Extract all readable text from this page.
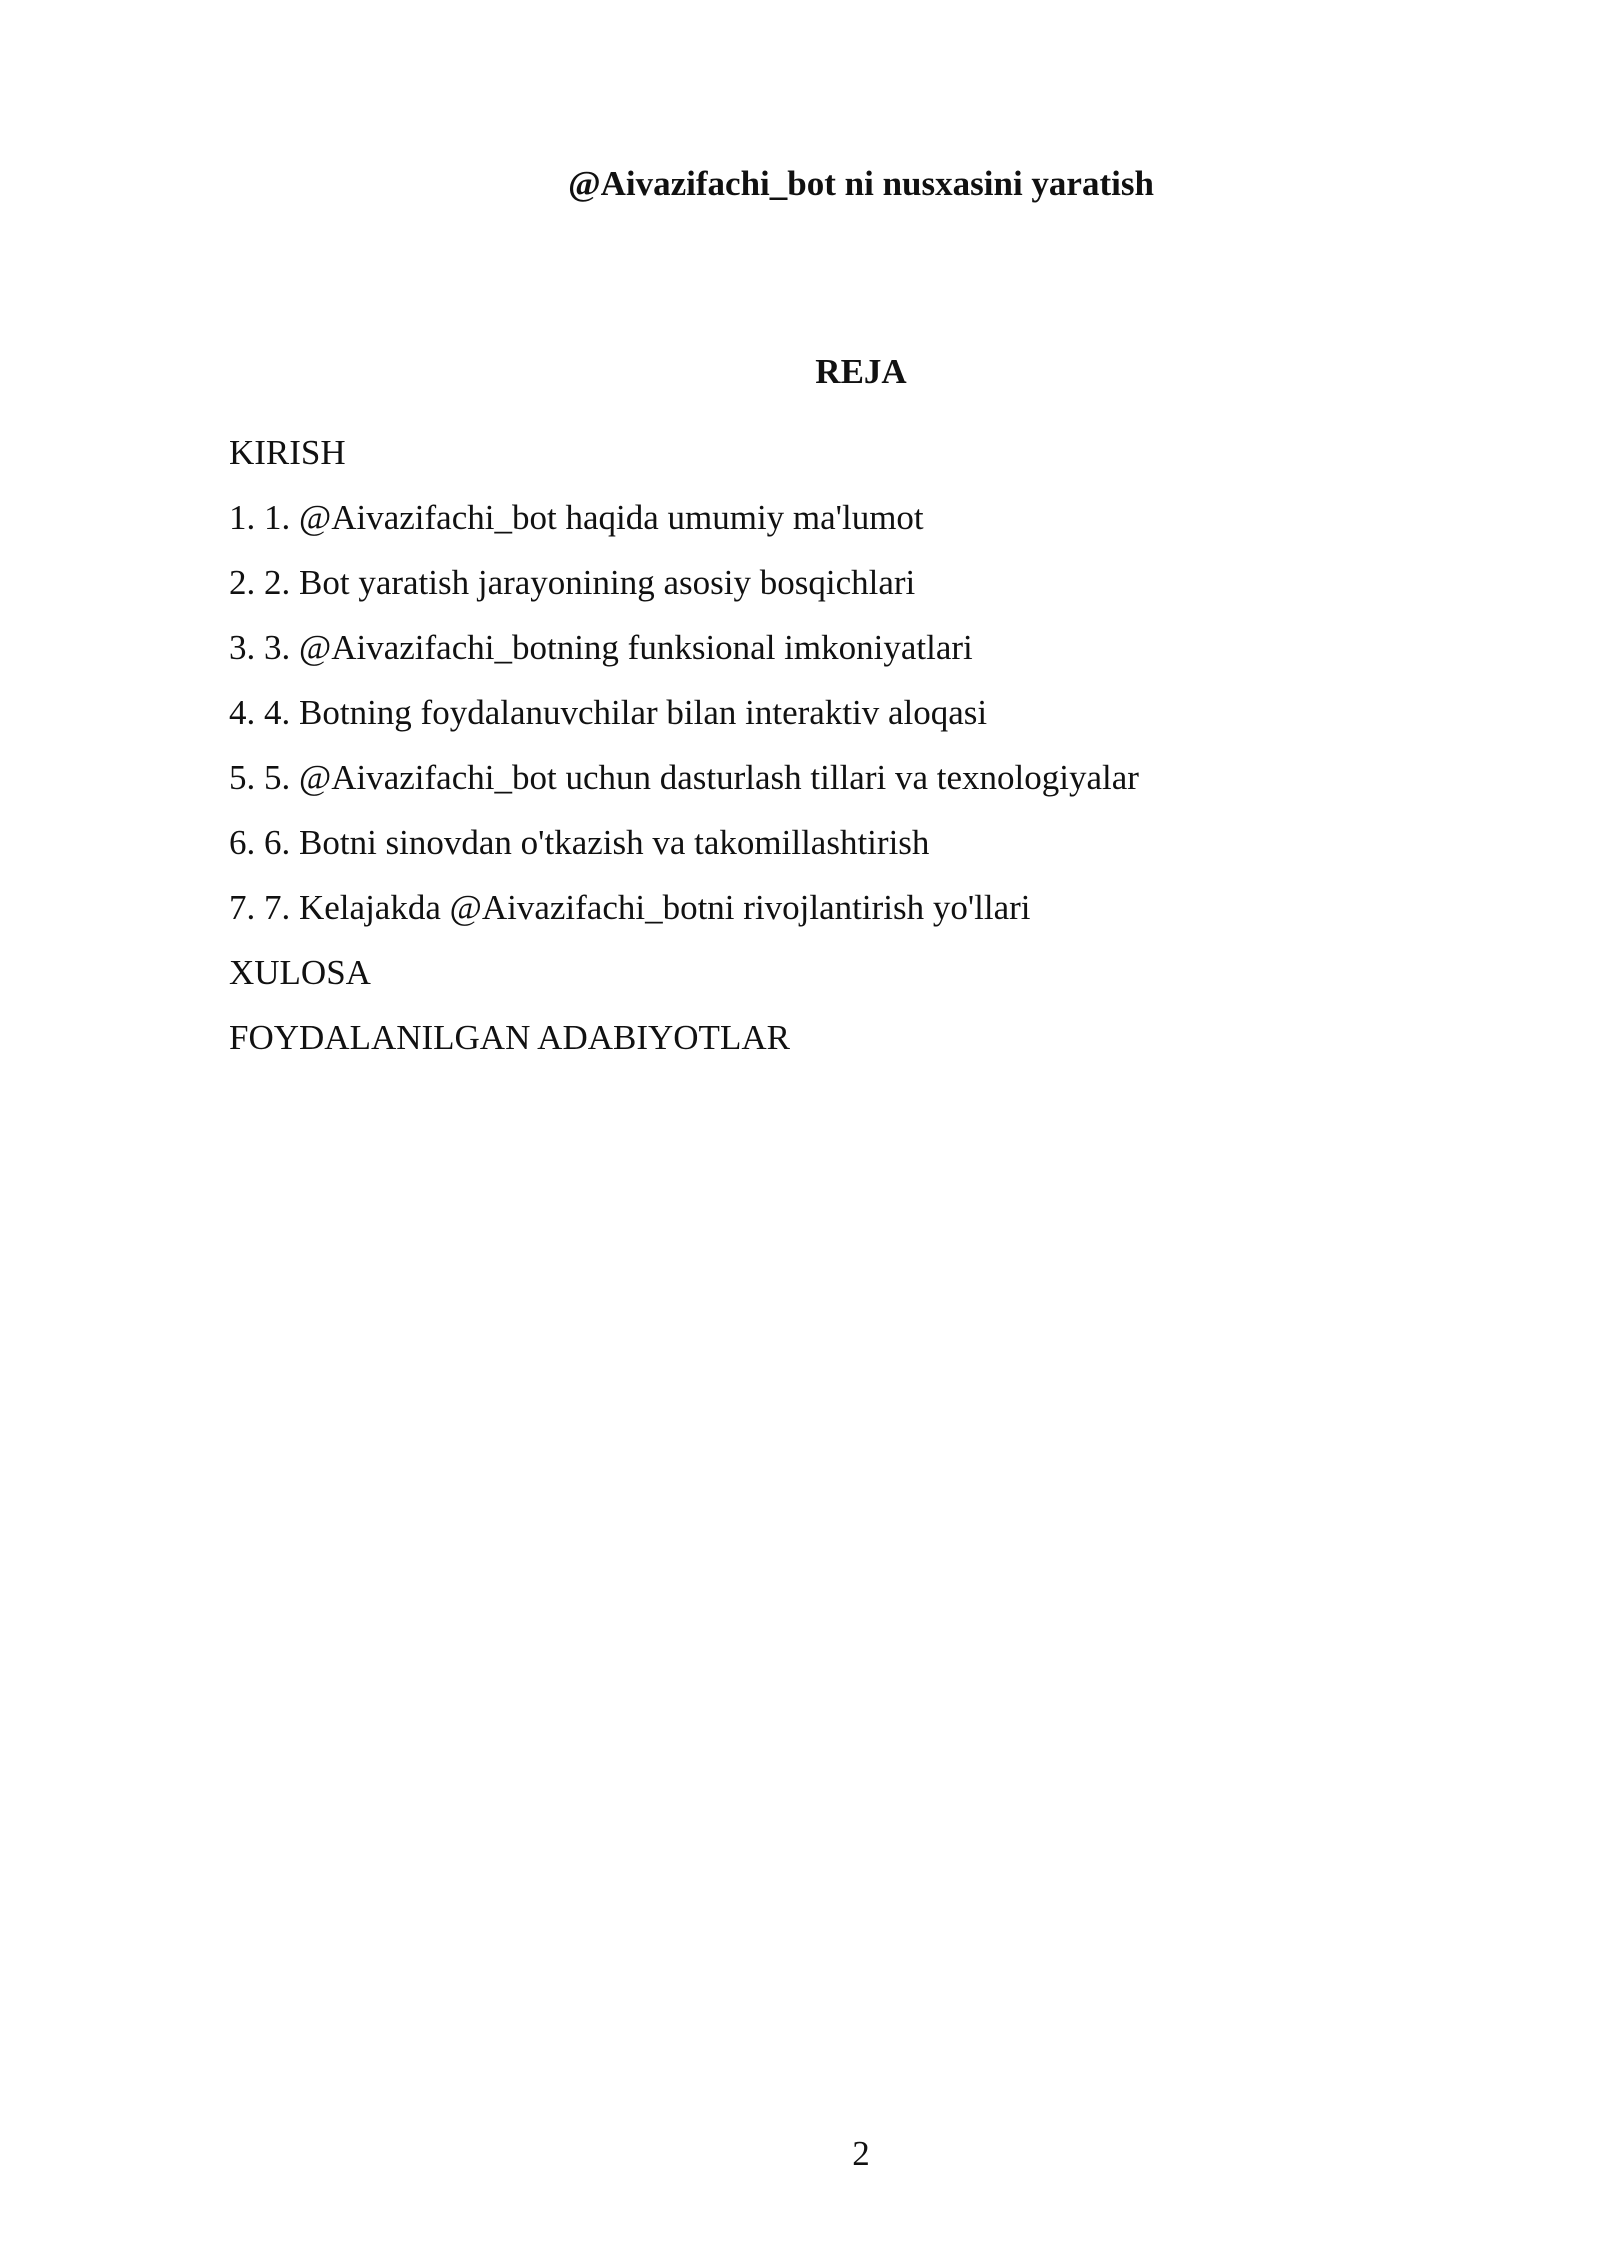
@Aivazifachi_bot ni nusxasini yaratish
REJA
KIRISH
1. 1. @Aivazifachi_bot haqida umumiy ma'lumot
2. 2. Bot yaratish jarayonining asosiy bosqichlari
3. 3. @Aivazifachi_botning funksional imkoniyatlari
4. 4. Botning foydalanuvchilar bilan interaktiv aloqasi
5. 5. @Aivazifachi_bot uchun dasturlash tillari va texnologiyalar
6. 6. Botni sinovdan o'tkazish va takomillashtirish
7. 7. Kelajakda @Aivazifachi_botni rivojlantirish yo'llari
XULOSA
FOYDALANILGAN ADABIYOTLAR
2
